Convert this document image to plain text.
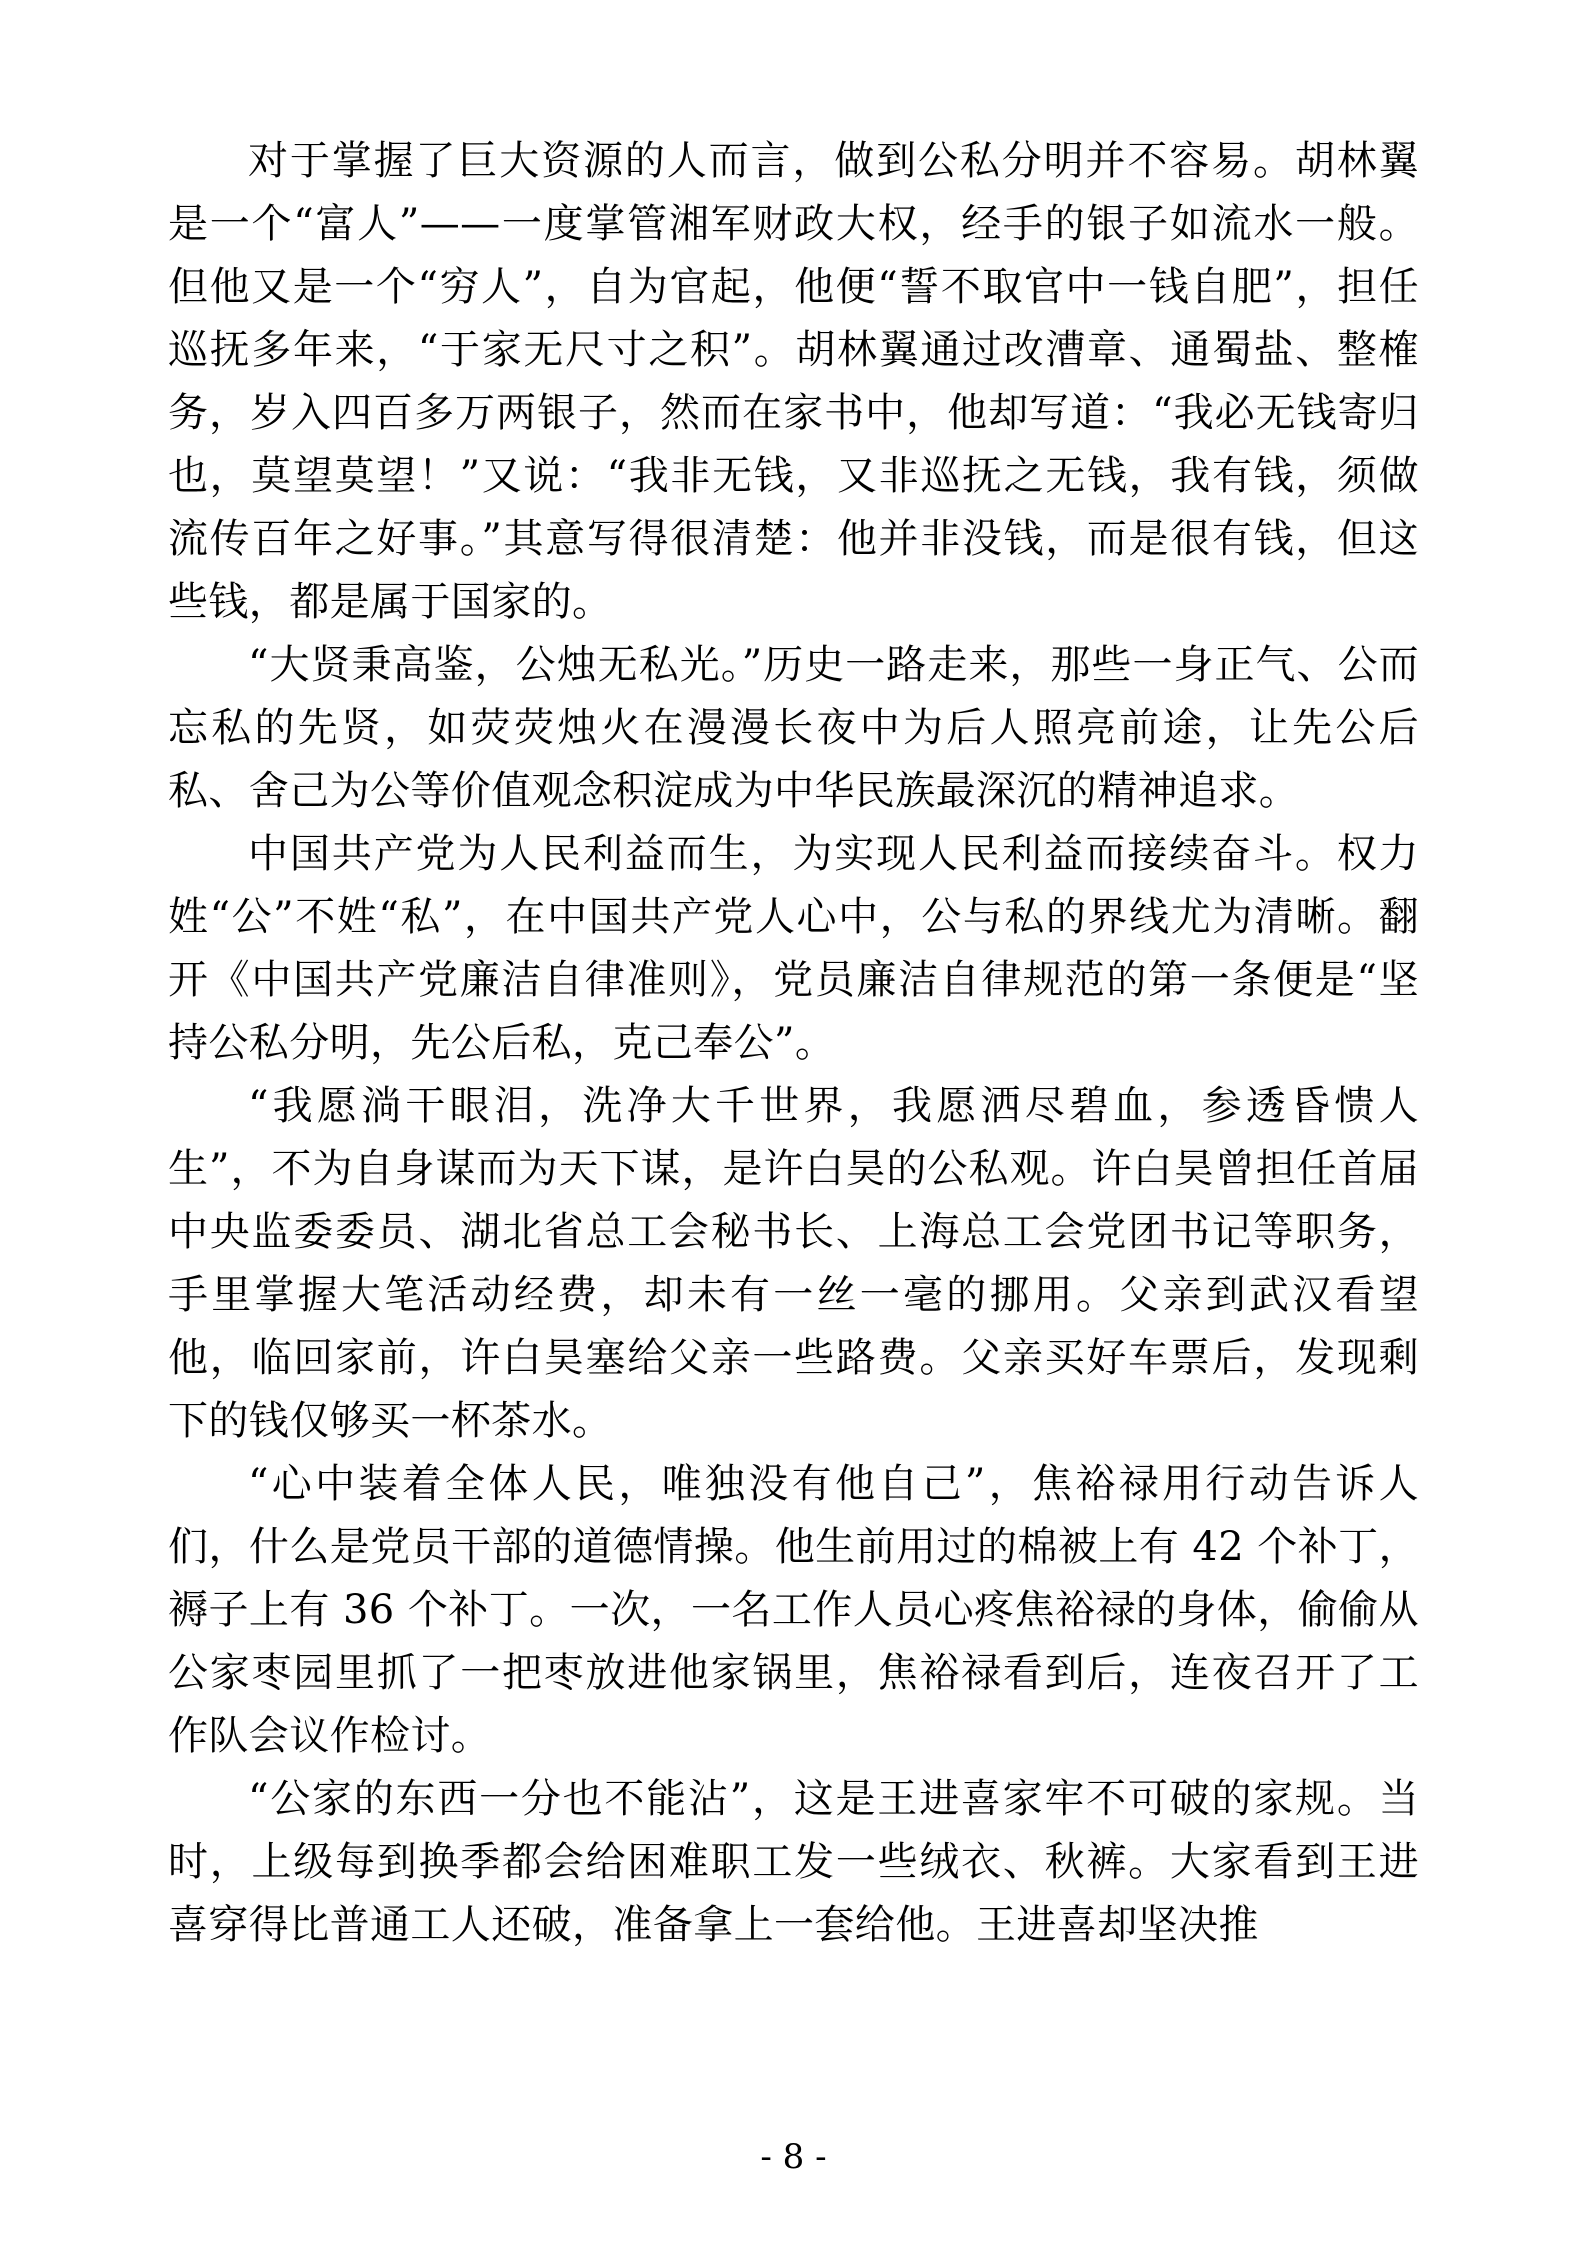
对于掌握了巨大资源的人而言，做到公私分明并不容易。胡林翼是一个“富人”——一度掌管湘军财政大权，经手的银子如流水一般。但他又是一个“穷人”，自为官起，他便“誓不取官中一钱自肥”，担任巡抚多年来，“于家无尺寸之积”。胡林翼通过改漕章、通蜀盐、整榷务，岁入四百多万两银子，然而在家书中，他却写道：“我必无钱寄归也，莫望莫望！”又说：“我非无钱，又非巡抚之无钱，我有钱，须做流传百年之好事。”其意写得很清楚：他并非没钱，而是很有钱，但这些钱，都是属于国家的。

“大贤秉高鉴，公烛无私光。”历史一路走来，那些一身正气、公而忘私的先贤，如荧荧烛火在漫漫长夜中为后人照亮前途，让先公后私、舍己为公等价值观念积淀成为中华民族最深沉的精神追求。

中国共产党为人民利益而生，为实现人民利益而接续奋斗。权力姓“公”不姓“私”，在中国共产党人心中，公与私的界线尤为清晰。翻开《中国共产党廉洁自律准则》，党员廉洁自律规范的第一条便是“坚持公私分明，先公后私，克己奉公”。

“我愿淌干眼泪，洗净大千世界，我愿洒尽碧血，参透昏愦人生”，不为自身谋而为天下谋，是许白昊的公私观。许白昊曾担任首届中央监委委员、湖北省总工会秘书长、上海总工会党团书记等职务，手里掌握大笔活动经费，却未有一丝一毫的挪用。父亲到武汉看望他，临回家前，许白昊塞给父亲一些路费。父亲买好车票后，发现剩下的钱仅够买一杯茶水。

“心中装着全体人民，唯独没有他自己”，焦裕禄用行动告诉人们，什么是党员干部的道德情操。他生前用过的棉被上有 42 个补丁，褥子上有 36 个补丁。一次，一名工作人员心疼焦裕禄的身体，偷偷从公家枣园里抓了一把枣放进他家锅里，焦裕禄看到后，连夜召开了工作队会议作检讨。

“公家的东西一分也不能沾”，这是王进喜家牢不可破的家规。当时，上级每到换季都会给困难职工发一些绒衣、秋裤。大家看到王进喜穿得比普通工人还破，准备拿上一套给他。王进喜却坚决推

- 8 -
